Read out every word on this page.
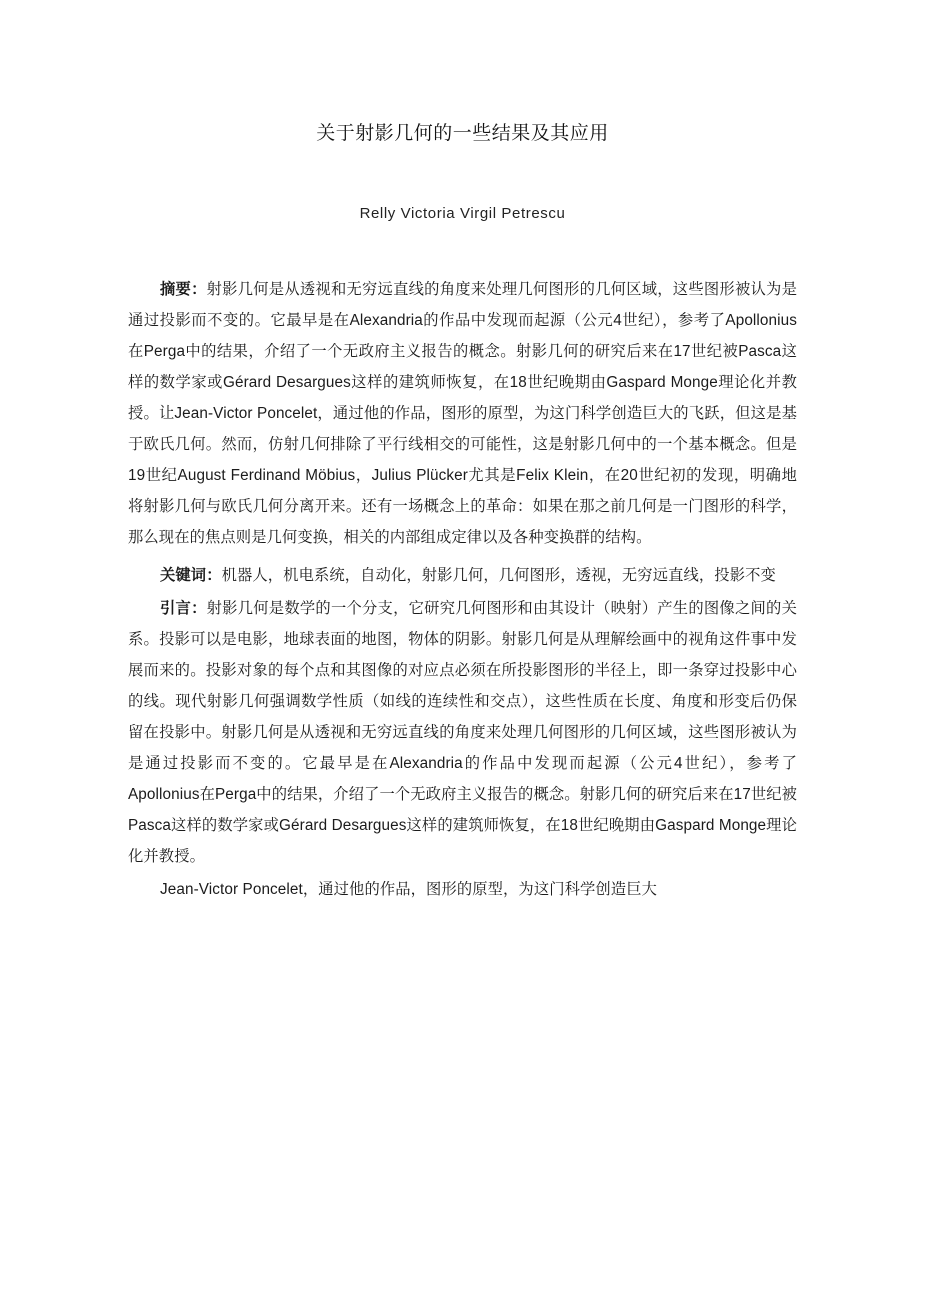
关于射影几何的一些结果及其应用
Relly Victoria Virgil Petrescu

摘要：射影几何是从透视和无穷远直线的角度来处理几何图形的几何区域，这些图形被认为是通过投影而不变的。它最早是在Alexandria的作品中发现而起源（公元4世纪），参考了Apollonius在Perga中的结果，介绍了一个无政府主义报告的概念。射影几何的研究后来在17世纪被Pasca这样的数学家或Gérard Desargues这样的建筑师恢复，在18世纪晚期由Gaspard Monge理论化并教授。让Jean-Victor Poncelet，通过他的作品，图形的原型，为这门科学创造巨大的飞跃，但这是基于欧氏几何。然而，仿射几何排除了平行线相交的可能性，这是射影几何中的一个基本概念。但是19世纪August Ferdinand Möbius，Julius Plücker尤其是Felix Klein，在20世纪初的发现，明确地将射影几何与欧氏几何分离开来。还有一场概念上的革命：如果在那之前几何是一门图形的科学，那么现在的焦点则是几何变换，相关的内部组成定律以及各种变换群的结构。

关键词：机器人，机电系统，自动化，射影几何，几何图形，透视，无穷远直线，投影不变

引言：射影几何是数学的一个分支，它研究几何图形和由其设计（映射）产生的图像之间的关系。投影可以是电影，地球表面的地图，物体的阴影。射影几何是从理解绘画中的视角这件事中发展而来的。投影对象的每个点和其图像的对应点必须在所投影图形的半径上，即一条穿过投影中心的线。现代射影几何强调数学性质（如线的连续性和交点），这些性质在长度、角度和形变后仍保留在投影中。射影几何是从透视和无穷远直线的角度来处理几何图形的几何区域，这些图形被认为是通过投影而不变的。它最早是在Alexandria的作品中发现而起源（公元4世纪），参考了Apollonius在Perga中的结果，介绍了一个无政府主义报告的概念。射影几何的研究后来在17世纪被Pasca这样的数学家或Gérard Desargues这样的建筑师恢复，在18世纪晚期由Gaspard Monge理论化并教授。

Jean-Victor Poncelet，通过他的作品，图形的原型，为这门科学创造巨大
